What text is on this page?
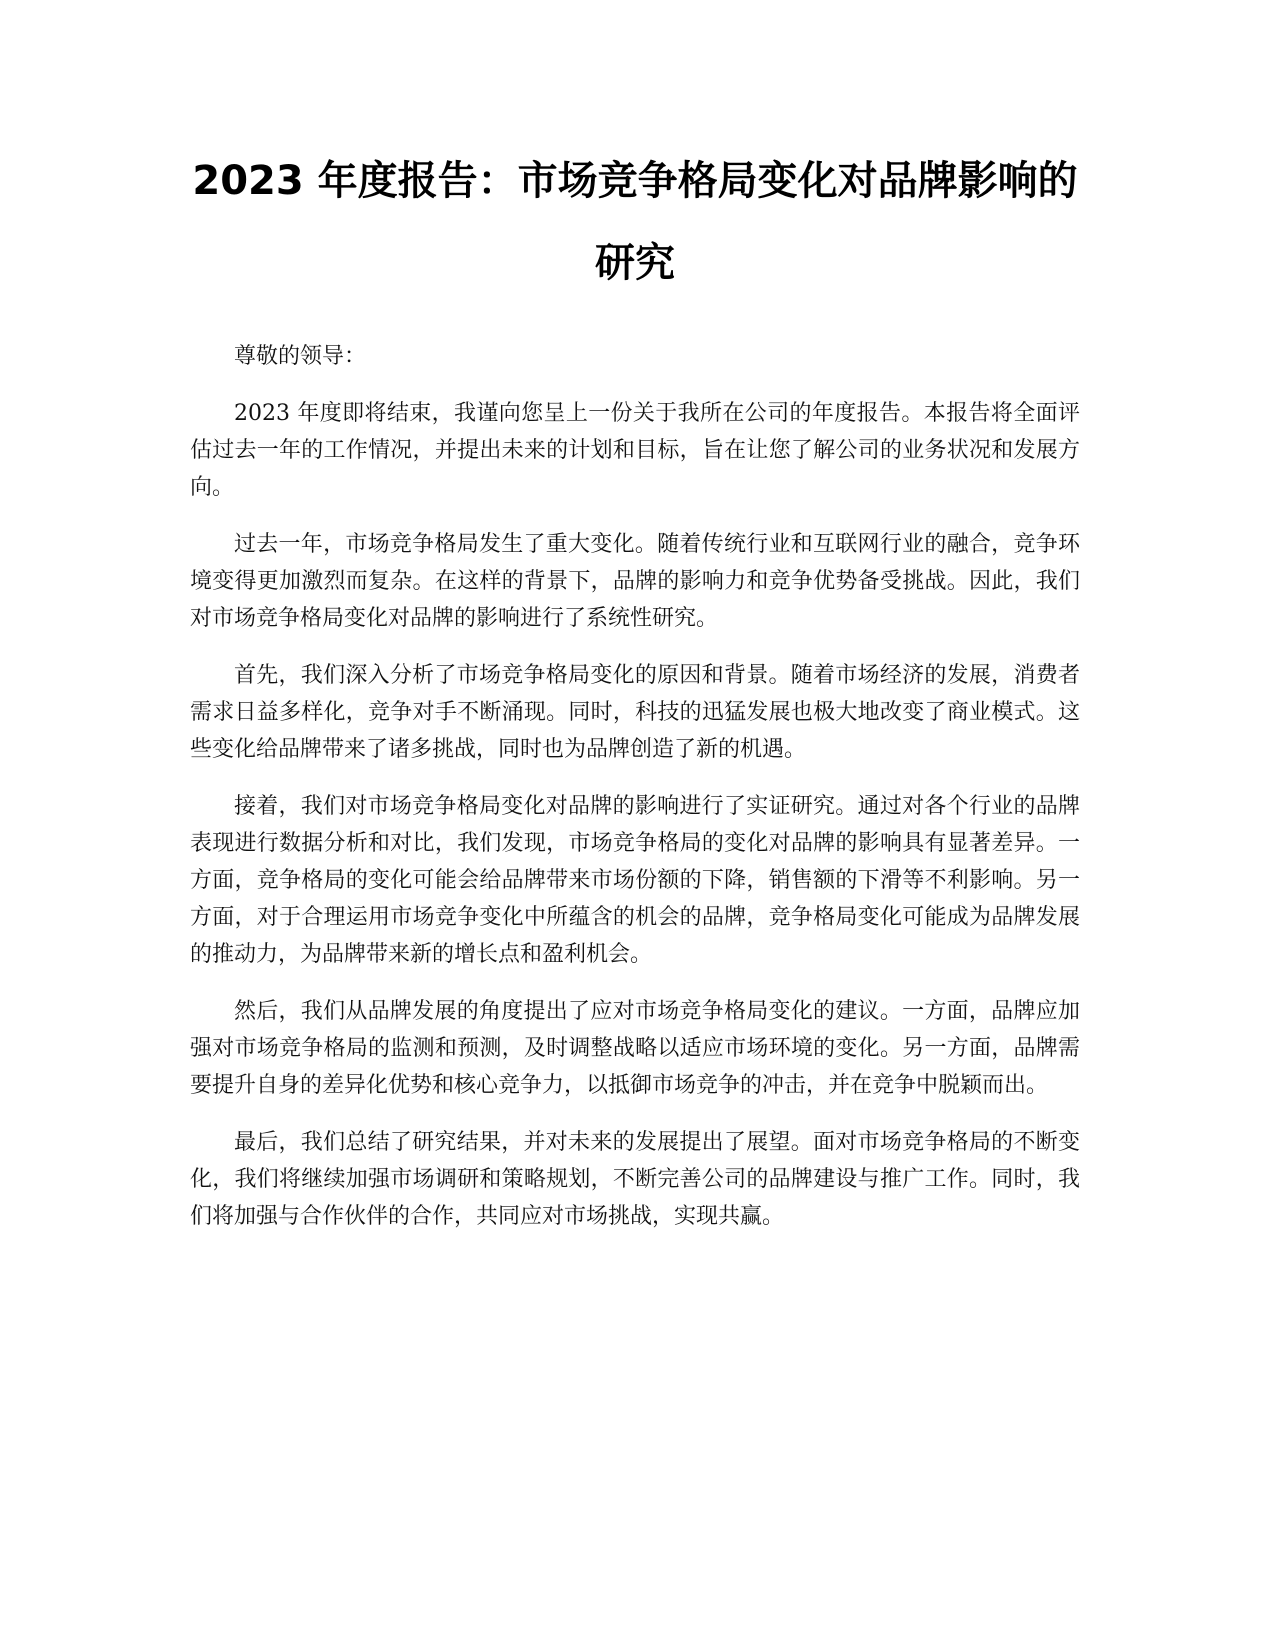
2023 年度报告：市场竞争格局变化对品牌影响的研究

尊敬的领导：

2023 年度即将结束，我谨向您呈上一份关于我所在公司的年度报告。本报告将全面评估过去一年的工作情况，并提出未来的计划和目标，旨在让您了解公司的业务状况和发展方向。

过去一年，市场竞争格局发生了重大变化。随着传统行业和互联网行业的融合，竞争环境变得更加激烈而复杂。在这样的背景下，品牌的影响力和竞争优势备受挑战。因此，我们对市场竞争格局变化对品牌的影响进行了系统性研究。

首先，我们深入分析了市场竞争格局变化的原因和背景。随着市场经济的发展，消费者需求日益多样化，竞争对手不断涌现。同时，科技的迅猛发展也极大地改变了商业模式。这些变化给品牌带来了诸多挑战，同时也为品牌创造了新的机遇。

接着，我们对市场竞争格局变化对品牌的影响进行了实证研究。通过对各个行业的品牌表现进行数据分析和对比，我们发现，市场竞争格局的变化对品牌的影响具有显著差异。一方面，竞争格局的变化可能会给品牌带来市场份额的下降，销售额的下滑等不利影响。另一方面，对于合理运用市场竞争变化中所蕴含的机会的品牌，竞争格局变化可能成为品牌发展的推动力，为品牌带来新的增长点和盈利机会。

然后，我们从品牌发展的角度提出了应对市场竞争格局变化的建议。一方面，品牌应加强对市场竞争格局的监测和预测，及时调整战略以适应市场环境的变化。另一方面，品牌需要提升自身的差异化优势和核心竞争力，以抵御市场竞争的冲击，并在竞争中脱颖而出。

最后，我们总结了研究结果，并对未来的发展提出了展望。面对市场竞争格局的不断变化，我们将继续加强市场调研和策略规划，不断完善公司的品牌建设与推广工作。同时，我们将加强与合作伙伴的合作，共同应对市场挑战，实现共赢。
